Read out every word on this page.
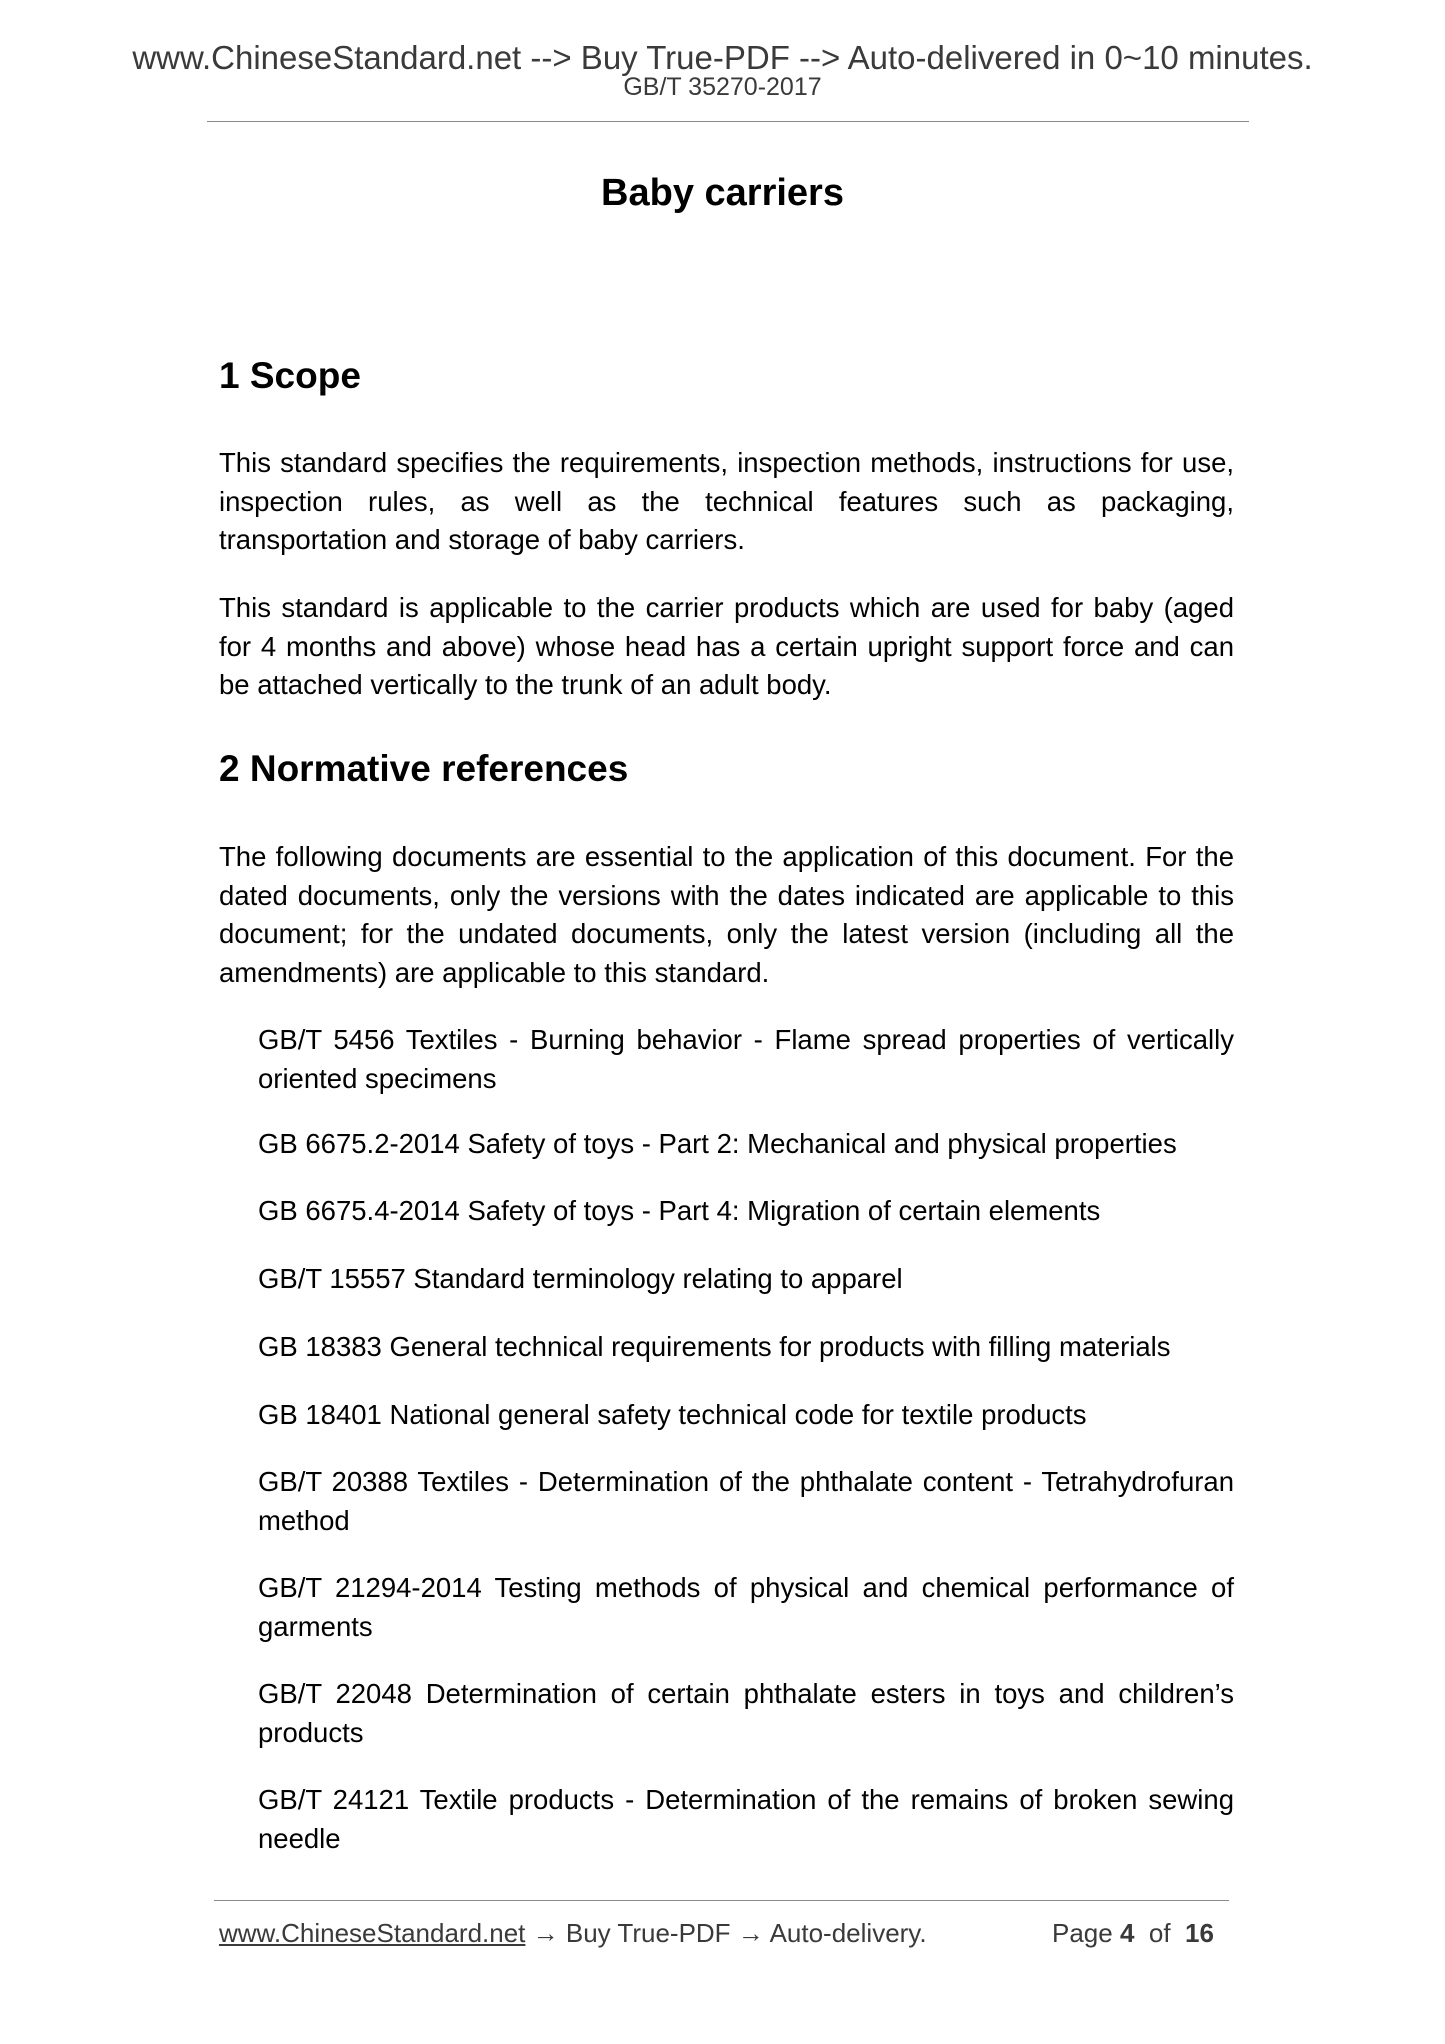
www.ChineseStandard.net --> Buy True-PDF --> Auto-delivered in 0~10 minutes.
GB/T 35270-2017
Baby carriers
1 Scope
This standard specifies the requirements, inspection methods, instructions for use, inspection rules, as well as the technical features such as packaging, transportation and storage of baby carriers.
This standard is applicable to the carrier products which are used for baby (aged for 4 months and above) whose head has a certain upright support force and can be attached vertically to the trunk of an adult body.
2 Normative references
The following documents are essential to the application of this document. For the dated documents, only the versions with the dates indicated are applicable to this document; for the undated documents, only the latest version (including all the amendments) are applicable to this standard.
GB/T 5456 Textiles - Burning behavior - Flame spread properties of vertically oriented specimens
GB 6675.2-2014 Safety of toys - Part 2: Mechanical and physical properties
GB 6675.4-2014 Safety of toys - Part 4: Migration of certain elements
GB/T 15557 Standard terminology relating to apparel
GB 18383 General technical requirements for products with filling materials
GB 18401 National general safety technical code for textile products
GB/T 20388 Textiles - Determination of the phthalate content - Tetrahydrofuran method
GB/T 21294-2014 Testing methods of physical and chemical performance of garments
GB/T 22048 Determination of certain phthalate esters in toys and children’s products
GB/T 24121 Textile products - Determination of the remains of broken sewing needle
www.ChineseStandard.net → Buy True-PDF → Auto-delivery.	Page 4 of 16
